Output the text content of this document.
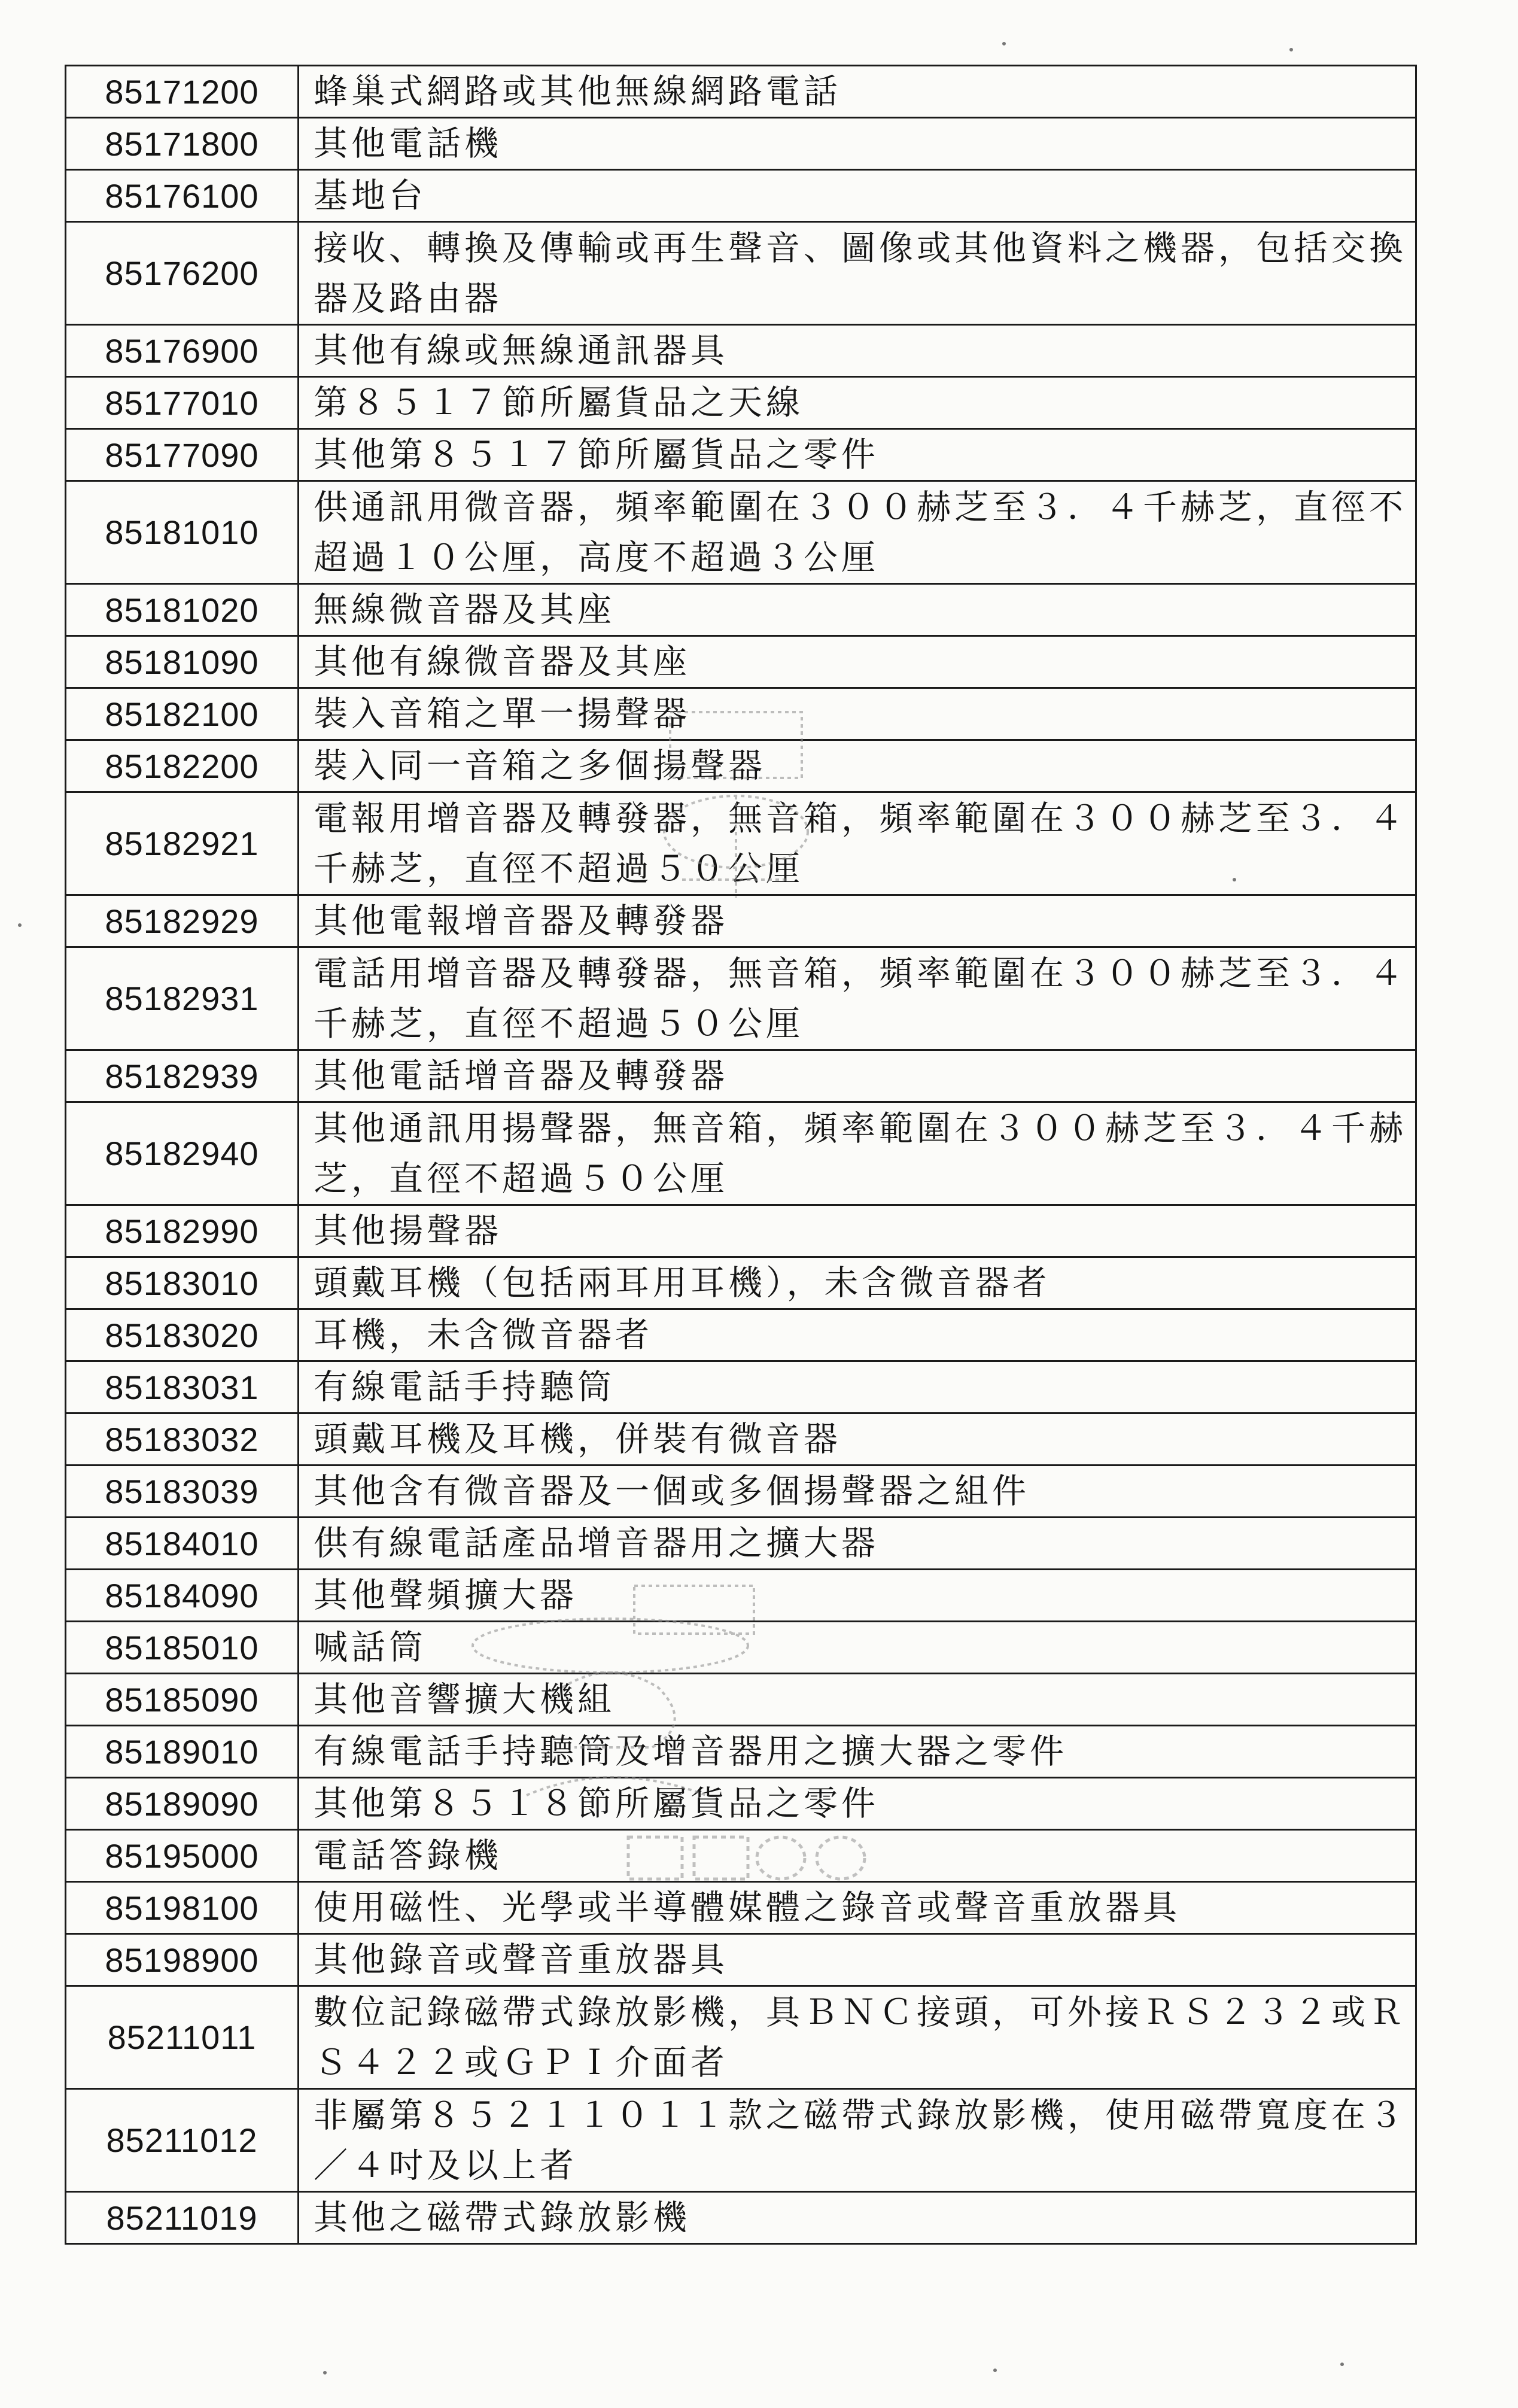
85171200	蜂巢式網路或其他無線網路電話
85171800	其他電話機
85176100	基地台
85176200	接收、轉換及傳輸或再生聲音、圖像或其他資料之機器，包括交換器及路由器
85176900	其他有線或無線通訊器具
85177010	第８５１７節所屬貨品之天線
85177090	其他第８５１７節所屬貨品之零件
85181010	供通訊用微音器，頻率範圍在３００赫芝至３．４千赫芝，直徑不超過１０公厘，高度不超過３公厘
85181020	無線微音器及其座
85181090	其他有線微音器及其座
85182100	裝入音箱之單一揚聲器
85182200	裝入同一音箱之多個揚聲器
85182921	電報用增音器及轉發器，無音箱，頻率範圍在３００赫芝至３．４千赫芝，直徑不超過５０公厘
85182929	其他電報增音器及轉發器
85182931	電話用增音器及轉發器，無音箱，頻率範圍在３００赫芝至３．４千赫芝，直徑不超過５０公厘
85182939	其他電話增音器及轉發器
85182940	其他通訊用揚聲器，無音箱，頻率範圍在３００赫芝至３．４千赫芝，直徑不超過５０公厘
85182990	其他揚聲器
85183010	頭戴耳機（包括兩耳用耳機），未含微音器者
85183020	耳機，未含微音器者
85183031	有線電話手持聽筒
85183032	頭戴耳機及耳機，併裝有微音器
85183039	其他含有微音器及一個或多個揚聲器之組件
85184010	供有線電話產品增音器用之擴大器
85184090	其他聲頻擴大器
85185010	喊話筒
85185090	其他音響擴大機組
85189010	有線電話手持聽筒及增音器用之擴大器之零件
85189090	其他第８５１８節所屬貨品之零件
85195000	電話答錄機
85198100	使用磁性、光學或半導體媒體之錄音或聲音重放器具
85198900	其他錄音或聲音重放器具
85211011	數位記錄磁帶式錄放影機，具ＢＮＣ接頭，可外接ＲＳ２３２或ＲＳ４２２或ＧＰＩ介面者
85211012	非屬第８５２１１０１１款之磁帶式錄放影機，使用磁帶寬度在３／４吋及以上者
85211019	其他之磁帶式錄放影機
